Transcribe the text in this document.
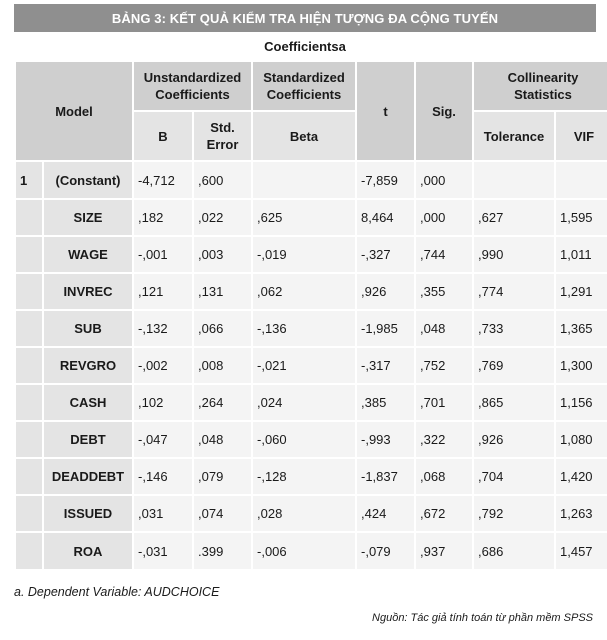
BẢNG 3: KẾT QUẢ KIỂM TRA HIỆN TƯỢNG ĐA CỘNG TUYẾN
Coefficientsa
Model		Unstandardized Coefficients		Standardized Coefficients	t	Sig.	Collinearity Statistics	
		B	Std. Error	Beta			Tolerance	VIF
1	(Constant)	-4,712	,600		-7,859	,000		
	SIZE	,182	,022	,625	8,464	,000	,627	1,595
	WAGE	-,001	,003	-,019	-,327	,744	,990	1,011
	INVREC	,121	,131	,062	,926	,355	,774	1,291
	SUB	-,132	,066	-,136	-1,985	,048	,733	1,365
	REVGRO	-,002	,008	-,021	-,317	,752	,769	1,300
	CASH	,102	,264	,024	,385	,701	,865	1,156
	DEBT	-,047	,048	-,060	-,993	,322	,926	1,080
	DEADDEBT	-,146	,079	-,128	-1,837	,068	,704	1,420
	ISSUED	,031	,074	,028	,424	,672	,792	1,263
	ROA	-,031	.399	-,006	-,079	,937	,686	1,457
a. Dependent Variable: AUDCHOICE
Nguồn: Tác giả tính toán từ phần mềm SPSS
